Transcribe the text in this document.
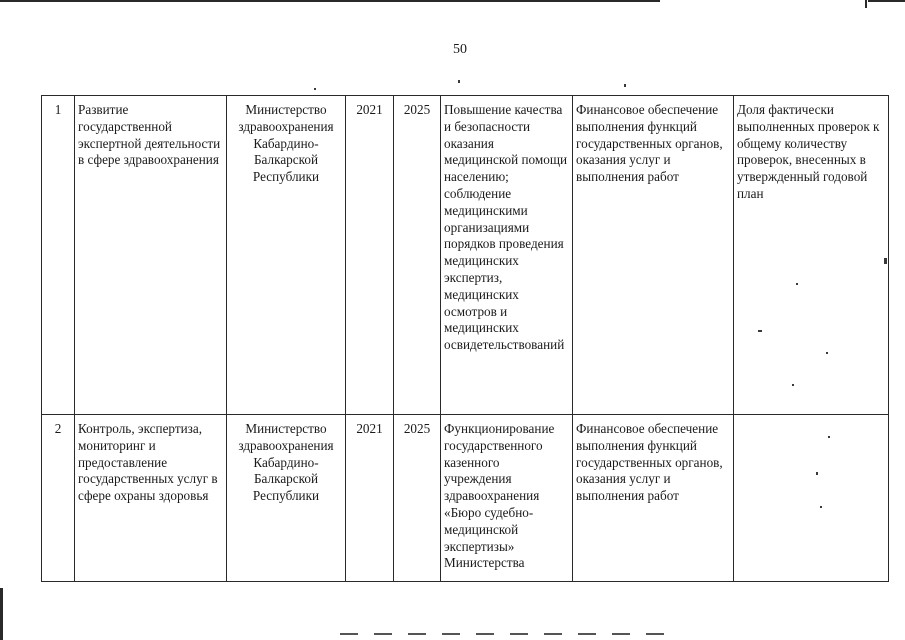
50
1	Развитие государственной экспертной деятельности в сфере здравоохранения	Министерство здравоохранения Кабардино-Балкарской Республики	2021	2025	Повышение качества и безопасности оказания медицинской помощи населению; соблюдение медицинскими организациями порядков проведения медицинских экспертиз, медицинских осмотров и медицинских освидетельствований	Финансовое обеспечение выполнения функций государственных органов, оказания услуг и выполнения работ	Доля фактически выполненных проверок к общему количеству проверок, внесенных в утвержденный годовой план
2	Контроль, экспертиза, мониторинг и предоставление государственных услуг в сфере охраны здоровья	Министерство здравоохранения Кабардино-Балкарской Республики	2021	2025	Функционирование государственного казенного учреждения здравоохранения «Бюро судебно-медицинской экспертизы» Министерства	Финансовое обеспечение выполнения функций государственных органов, оказания услуг и выполнения работ	
